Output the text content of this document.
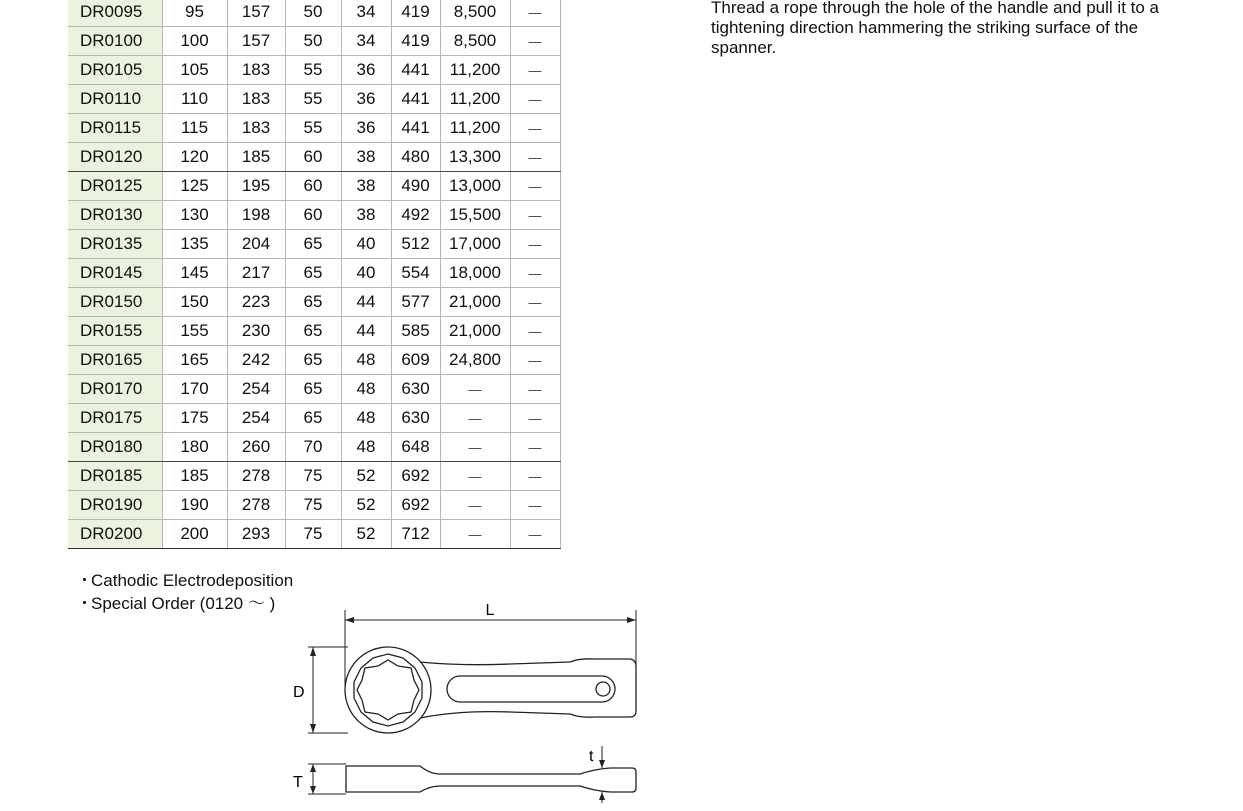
DR0095	95	157	50	34	419	8,500	－
DR0100	100	157	50	34	419	8,500	－
DR0105	105	183	55	36	441	11,200	－
DR0110	110	183	55	36	441	11,200	－
DR0115	115	183	55	36	441	11,200	－
DR0120	120	185	60	38	480	13,300	－
DR0125	125	195	60	38	490	13,000	－
DR0130	130	198	60	38	492	15,500	－
DR0135	135	204	65	40	512	17,000	－
DR0145	145	217	65	40	554	18,000	－
DR0150	150	223	65	44	577	21,000	－
DR0155	155	230	65	44	585	21,000	－
DR0165	165	242	65	48	609	24,800	－
DR0170	170	254	65	48	630	－	－
DR0175	175	254	65	48	630	－	－
DR0180	180	260	70	48	648	－	－
DR0185	185	278	75	52	692	－	－
DR0190	190	278	75	52	692	－	－
DR0200	200	293	75	52	712	－	－

Thread a rope through the hole of the handle and pull it to a tightening direction hammering the striking surface of the spanner.

・ Cathodic Electrodeposition
・ Special Order (0120 ～ )	L
D
T
t
